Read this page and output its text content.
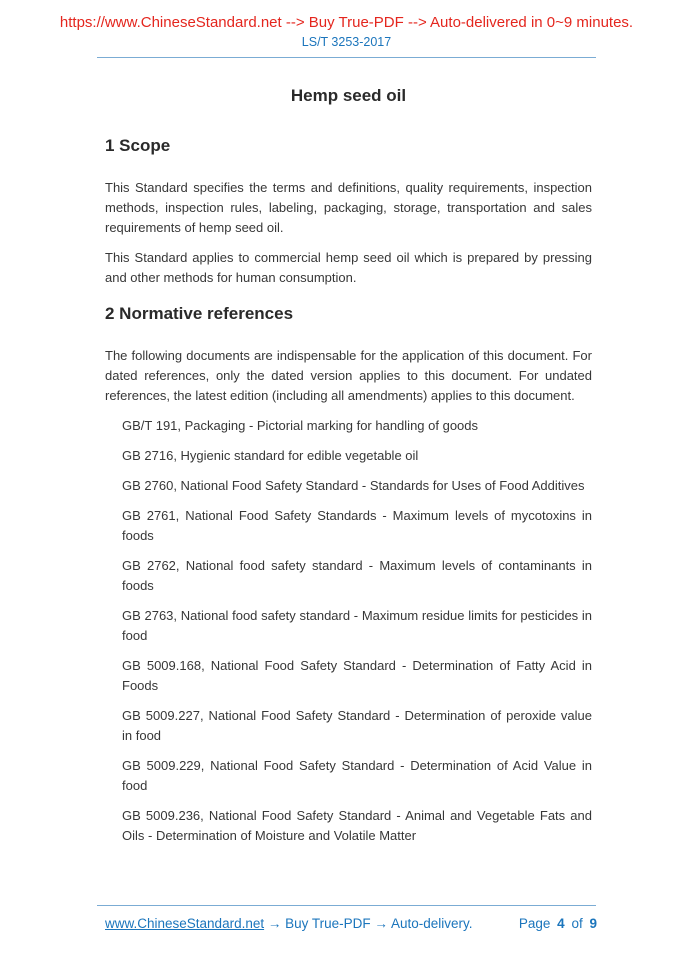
https://www.ChineseStandard.net --> Buy True-PDF --> Auto-delivered in 0~9 minutes.
LS/T 3253-2017
Hemp seed oil
1 Scope

This Standard specifies the terms and definitions, quality requirements, inspection methods, inspection rules, labeling, packaging, storage, transportation and sales requirements of hemp seed oil.

This Standard applies to commercial hemp seed oil which is prepared by pressing and other methods for human consumption.

2 Normative references

The following documents are indispensable for the application of this document. For dated references, only the dated version applies to this document. For undated references, the latest edition (including all amendments) applies to this document.

GB/T 191, Packaging - Pictorial marking for handling of goods

GB 2716, Hygienic standard for edible vegetable oil

GB 2760, National Food Safety Standard - Standards for Uses of Food Additives

GB 2761, National Food Safety Standards - Maximum levels of mycotoxins in foods

GB 2762, National food safety standard - Maximum levels of contaminants in foods

GB 2763, National food safety standard - Maximum residue limits for pesticides in food

GB 5009.168, National Food Safety Standard - Determination of Fatty Acid in Foods

GB 5009.227, National Food Safety Standard - Determination of peroxide value in food

GB 5009.229, National Food Safety Standard - Determination of Acid Value in food

GB 5009.236, National Food Safety Standard - Animal and Vegetable Fats and Oils - Determination of Moisture and Volatile Matter

www.ChineseStandard.net → Buy True-PDF → Auto-delivery.	Page 4 of 9
